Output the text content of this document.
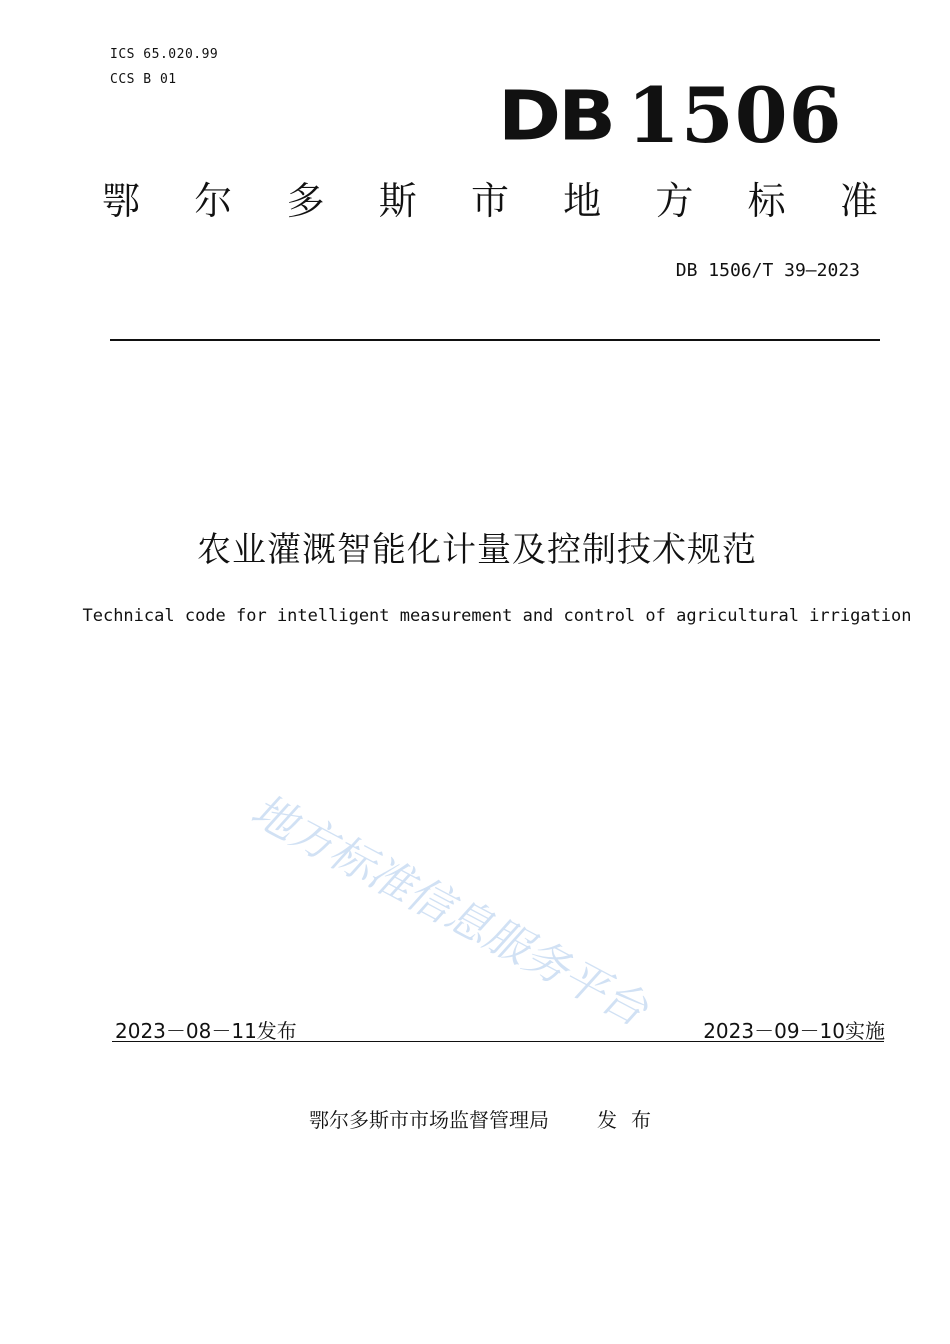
ICS 65.020.99
CCS B 01	DB 1506
鄂 尔 多 斯 市 地 方 标 准
DB 1506/T 39—2023
农业灌溉智能化计量及控制技术规范
Technical code for intelligent measurement and control of agricultural irrigation
地方标准信息服务平台
2023－08－11发布	2023－09－10实施
鄂尔多斯市市场监督管理局 发布
